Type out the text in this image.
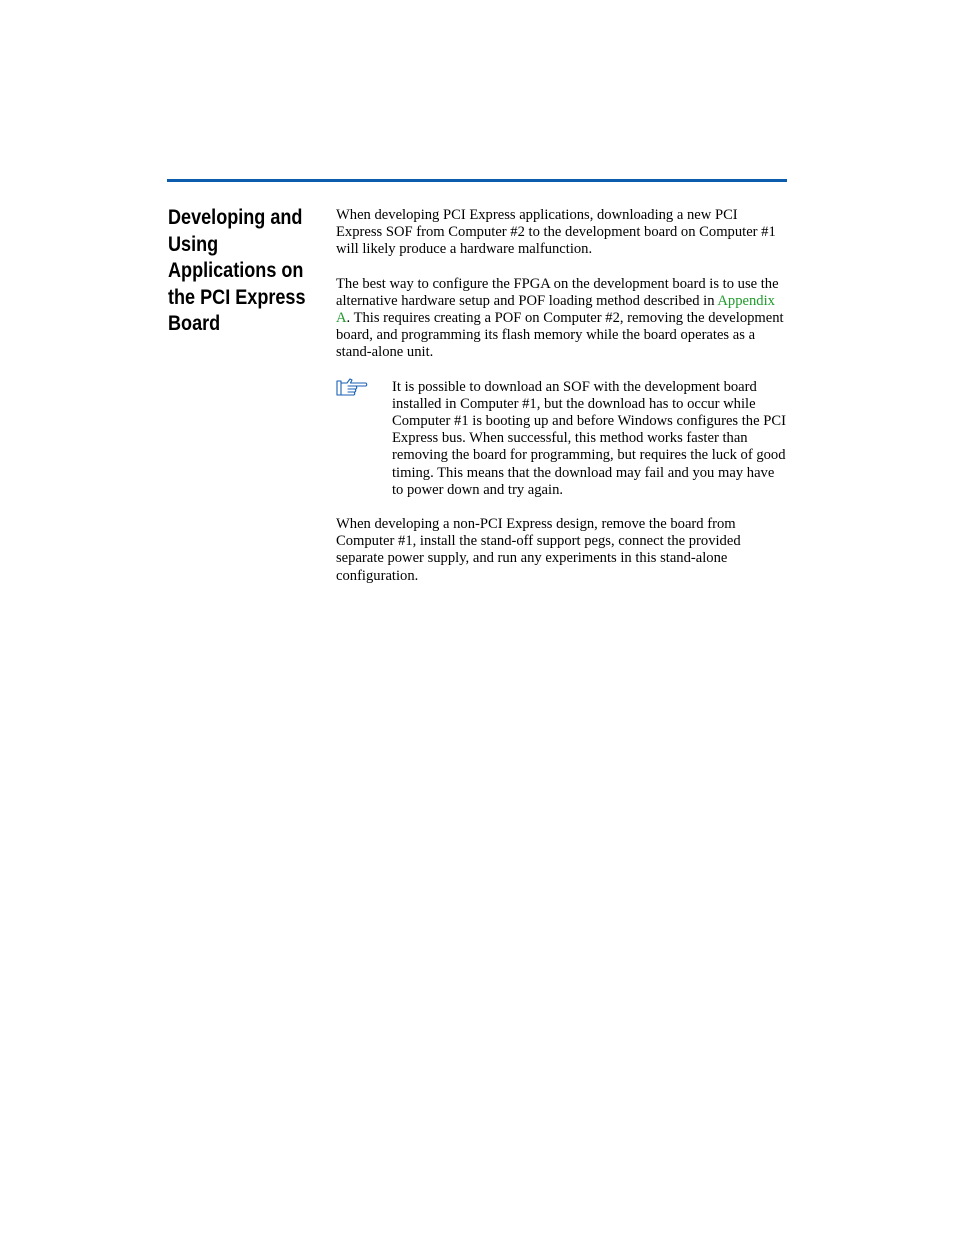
Developing and
Using
Applications on
the PCI Express
Board

When developing PCI Express applications, downloading a new PCI Express SOF from Computer #2 to the development board on Computer #1 will likely produce a hardware malfunction.

The best way to configure the FPGA on the development board is to use the alternative hardware setup and POF loading method described in Appendix A. This requires creating a POF on Computer #2, removing the development board, and programming its flash memory while the board operates as a stand-alone unit.

It is possible to download an SOF with the development board installed in Computer #1, but the download has to occur while Computer #1 is booting up and before Windows configures the PCI Express bus. When successful, this method works faster than removing the board for programming, but requires the luck of good timing. This means that the download may fail and you may have to power down and try again.

When developing a non-PCI Express design, remove the board from Computer #1, install the stand-off support pegs, connect the provided separate power supply, and run any experiments in this stand-alone configuration.
